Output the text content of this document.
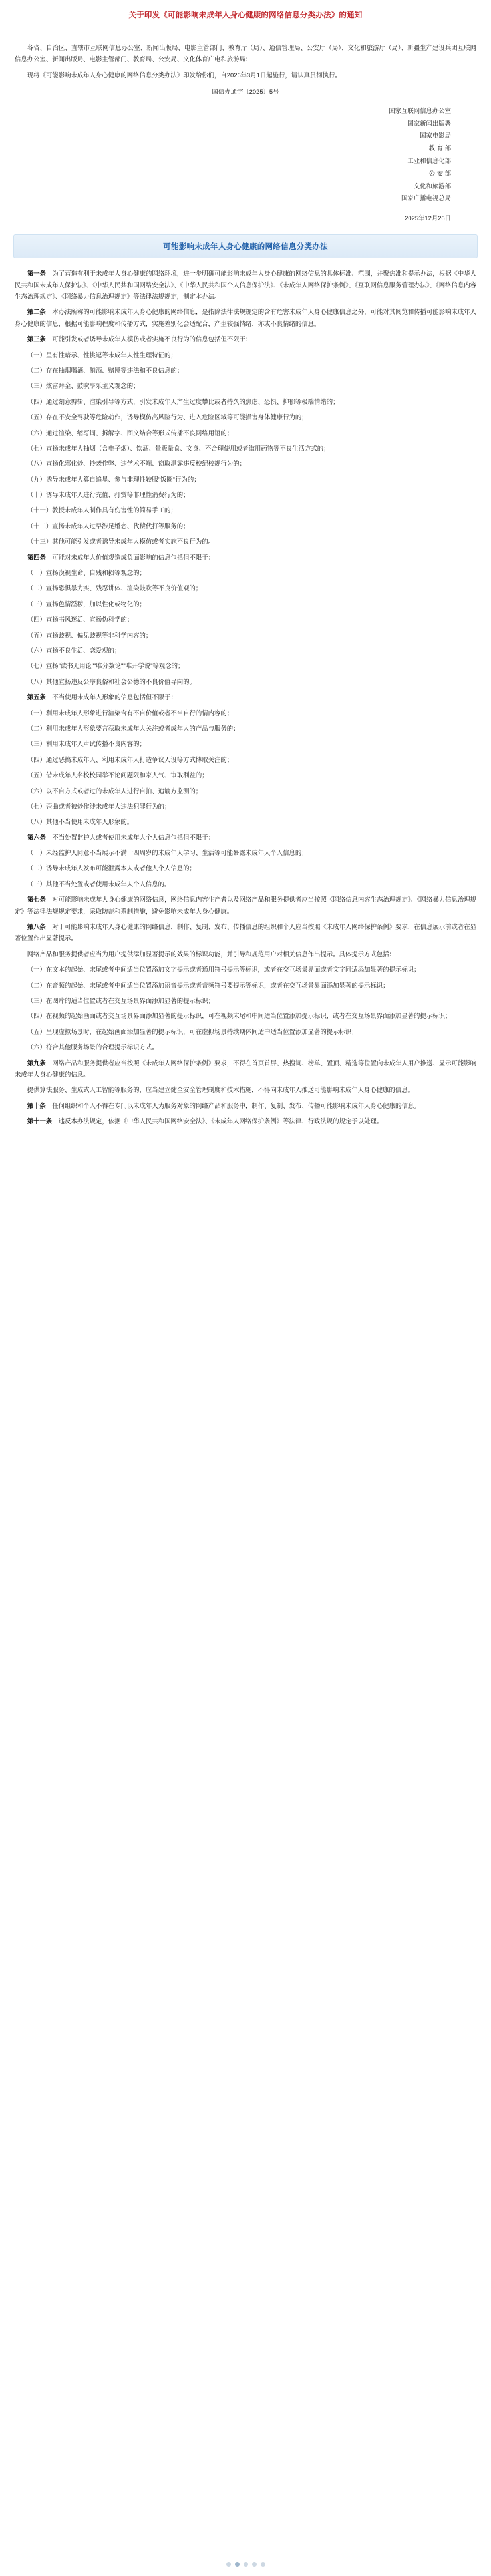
关于印发《可能影响未成年人身心健康的网络信息分类办法》的通知

各省、自治区、直辖市互联网信息办公室、新闻出版局、电影主管部门、教育厅（局）、通信管理局、公安厅（局）、文化和旅游厅（局）、新疆生产建设兵团互联网信息办公室、新闻出版局、电影主管部门、教育局、公安局、文化体育广电和旅游局：

现将《可能影响未成年人身心健康的网络信息分类办法》印发给你们，自2026年3月1日起施行，请认真贯彻执行。

国信办通字〔2025〕5号
国家互联网信息办公室
国家新闻出版署
国家电影局
教 育 部
工业和信息化部
公 安 部
文化和旅游部
国家广播电视总局
2025年12月26日
可能影响未成年人身心健康的网络信息分类办法

第一条　为了营造有利于未成年人身心健康的网络环境，进一步明确可能影响未成年人身心健康的网络信息的具体标准、范围，并聚焦准和提示办法，根据《中华人民共和国未成年人保护法》、《中华人民共和国网络安全法》、《中华人民共和国个人信息保护法》、《未成年人网络保护条例》、《互联网信息服务管理办法》、《网络信息内容生态治理规定》、《网络暴力信息治理规定》等法律法规规定，制定本办法。

第二条　本办法所称的可能影响未成年人身心健康的网络信息，是指除法律法规规定的含有危害未成年人身心健康信息之外，可能对其阅览和传播可能影响未成年人身心健康的信息，根据可能影响程度和传播方式，实施差别化会适配合，产生较强情绪、亦或不良情绪的信息。

第三条　可能引发或者诱导未成年人模仿或者实施不良行为的信息包括但不限于：

（一）呈有性暗示、性挑逗等未成年人性生理特征的；

（二）存在抽烟喝酒、酗酒、赌博等违法和不良信息的；

（三）炫富拜金、鼓吹享乐主义观念的；

（四）通过刻意剪辑、渲染引导等方式，引发未成年人产生过度攀比或者持久的焦虑、恐惧、抑郁等极端情绪的；

（五）存在不安全驾驶等危险动作，诱导模仿高风险行为、进入危险区域等可能损害身体健康行为的；

（六）通过渲染、缩写词、拆解字、图文结合等形式传播不良网络用语的；

（七）宣扬未成年人抽烟（含电子烟）、饮酒、量贩量食、文身、不合理使用或者滥用药物等不良生活方式的；

（八）宣扬化邪化炒、抄袭作弊、违学术不端、窃取泄露违反校纪校规行为的；

（九）诱导未成年人算自追星、参与非理性较服"饭圈"行为的；

（十）诱导未成年人进行充值、打赏等非理性消费行为的；

（十一）教授未成年人制作具有伤害性的简易手工的；

（十二）宣扬未成年人过早涉足婚恋、代偿代打等服务的；

（十三）其他可能引发或者诱导未成年人模仿或者实施不良行为的。

第四条　可能对未成年人价值观造成负面影响的信息包括但不限于：

（一）宣扬漠视生命、自残和损等观念的；

（二）宣扬恐惧暴力实、残忍讲体、渲染鼓吹等不良价值观的；

（三）宣扬色情淫秽，加以性化或物化的；

（四）宣扬书风迷活、宣扬伪科学的；

（五）宣扬歧视、偏见歧视等非科学内容的；

（六）宣扬不良生活、恋爱观的；

（七）宣扬"读书无用论""唯分数论""唯开学说"等观念的；

（八）其他宣扬违反公序良俗和社会公德的不良价值导向的。

第五条　不当使用未成年人形象的信息包括但不限于：

（一）利用未成年人形象进行渲染含有不自价值或者不当自行的情内容的；

（二）利用未成年人形象要言获取未成年人关注或者成年人的产品与服务的；

（三）利用未成年人声试传播不良内容的；

（四）通过恶搞未成年人、利用未成年人打造争议人设等方式博取关注的；

（五）借未成年人名校校园举不论问题限和家人气、审取利益的；

（六）以不自方式或者过的未成年人进行自拍、追谕方监测的；

（七）歪曲或者被炒作涉未成年人违法犯罪行为的；

（八）其他不当使用未成年人形象的。

第六条　不当处置监护人或者使用未成年人个人信息包括但不限于：

（一）未经监护人同意不当展示不满十四周岁的未成年人学习、生活等可能暴露未成年人个人信息的；

（二）诱导未成年人发布可能泄露本人或者他人个人信息的；

（三）其他不当处置或者使用未成年人个人信息的。

第七条　对可能影响未成年人身心健康的网络信息，网络信息内容生产者以及网络产品和服务提供者应当按照《网络信息内容生态治理规定》、《网络暴力信息治理规定》等法律法规规定要求，采取防范和系制措施，避免影响未成年人身心健康。

第八条　对于可能影响未成年人身心健康的网络信息，制作、复制、发布、传播信息的组织和个人应当按照《未成年人网络保护条例》要求，在信息展示前或者在显著位置作出显著提示。

网络产品和服务提供者应当为用户提供添加显著提示的效果的标识功能，并引导和规范用户对相关信息作出提示。具体提示方式包括：

（一）在文本的起始、末尾或者中间适当位置添加文字提示或者通用符号提示等标识，或者在交互场景界面或者文字同适添加显著的提示标识；

（二）在音频的起始、末尾或者中间适当位置添加语音提示或者音频符号要提示等标识，或者在交互场景界面添加显著的提示标识；

（三）在图片的适当位置或者在交互场景界面添加显著的提示标识；

（四）在视频的起始画面或者交互场景界面添加显著的提示标识，可在视频末尾和中间适当位置添加提示标识，或者在交互场景界面添加显著的提示标识；

（五）呈现虚拟场景时，在起始画面添加显著的提示标识，可在虚拟场景持续期体间适中适当位置添加显著的提示标识；

（六）符合其他服务场景的合理提示标识方式。

第九条　网络产品和服务提供者应当按照《未成年人网络保护条例》要求，不得在首页首屏、热搜词、榜单、置顶、精选等位置向未成年人用户推送、显示可能影响未成年人身心健康的信息。

提供算法服务、生成式人工智能等服务的，应当建立健全安全管理制度和技术措施，不得向未成年人推送可能影响未成年人身心健康的信息。

第十条　任何组织和个人不得在专门以未成年人为服务对象的网络产品和服务中，制作、复制、发布、传播可能影响未成年人身心健康的信息。

第十一条　违反本办法规定，依据《中华人民共和国网络安全法》、《未成年人网络保护条例》等法律、行政法规的规定予以处理。
